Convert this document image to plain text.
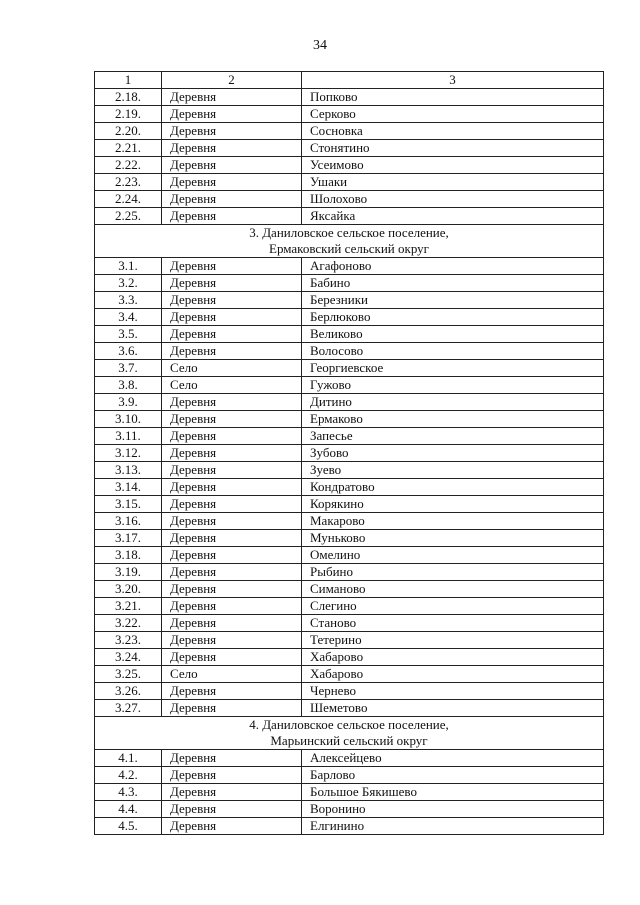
34
1	2	3
2.18.	Деревня	Попково
2.19.	Деревня	Серково
2.20.	Деревня	Сосновка
2.21.	Деревня	Стонятино
2.22.	Деревня	Усеимово
2.23.	Деревня	Ушаки
2.24.	Деревня	Шолохово
2.25.	Деревня	Яксайка

3. Даниловское сельское поселение,
Ермаковский сельский округ		

3.1.	Деревня	Агафоново
3.2.	Деревня	Бабино
3.3.	Деревня	Березники
3.4.	Деревня	Берлюково
3.5.	Деревня	Великово
3.6.	Деревня	Волосово
3.7.	Село	Георгиевское
3.8.	Село	Гужово
3.9.	Деревня	Дитино
3.10.	Деревня	Ермаково
3.11.	Деревня	Запесье
3.12.	Деревня	Зубово
3.13.	Деревня	Зуево
3.14.	Деревня	Кондратово
3.15.	Деревня	Корякино
3.16.	Деревня	Макарово
3.17.	Деревня	Муньково
3.18.	Деревня	Омелино
3.19.	Деревня	Рыбино
3.20.	Деревня	Симаново
3.21.	Деревня	Слегино
3.22.	Деревня	Станово
3.23.	Деревня	Тетерино
3.24.	Деревня	Хабарово
3.25.	Село	Хабарово
3.26.	Деревня	Чернево
3.27.	Деревня	Шеметово

4. Даниловское сельское поселение,
Марьинский сельский округ		

4.1.	Деревня	Алексейцево
4.2.	Деревня	Барлово
4.3.	Деревня	Большое Бякишево
4.4.	Деревня	Воронино
4.5.	Деревня	Елгинино
